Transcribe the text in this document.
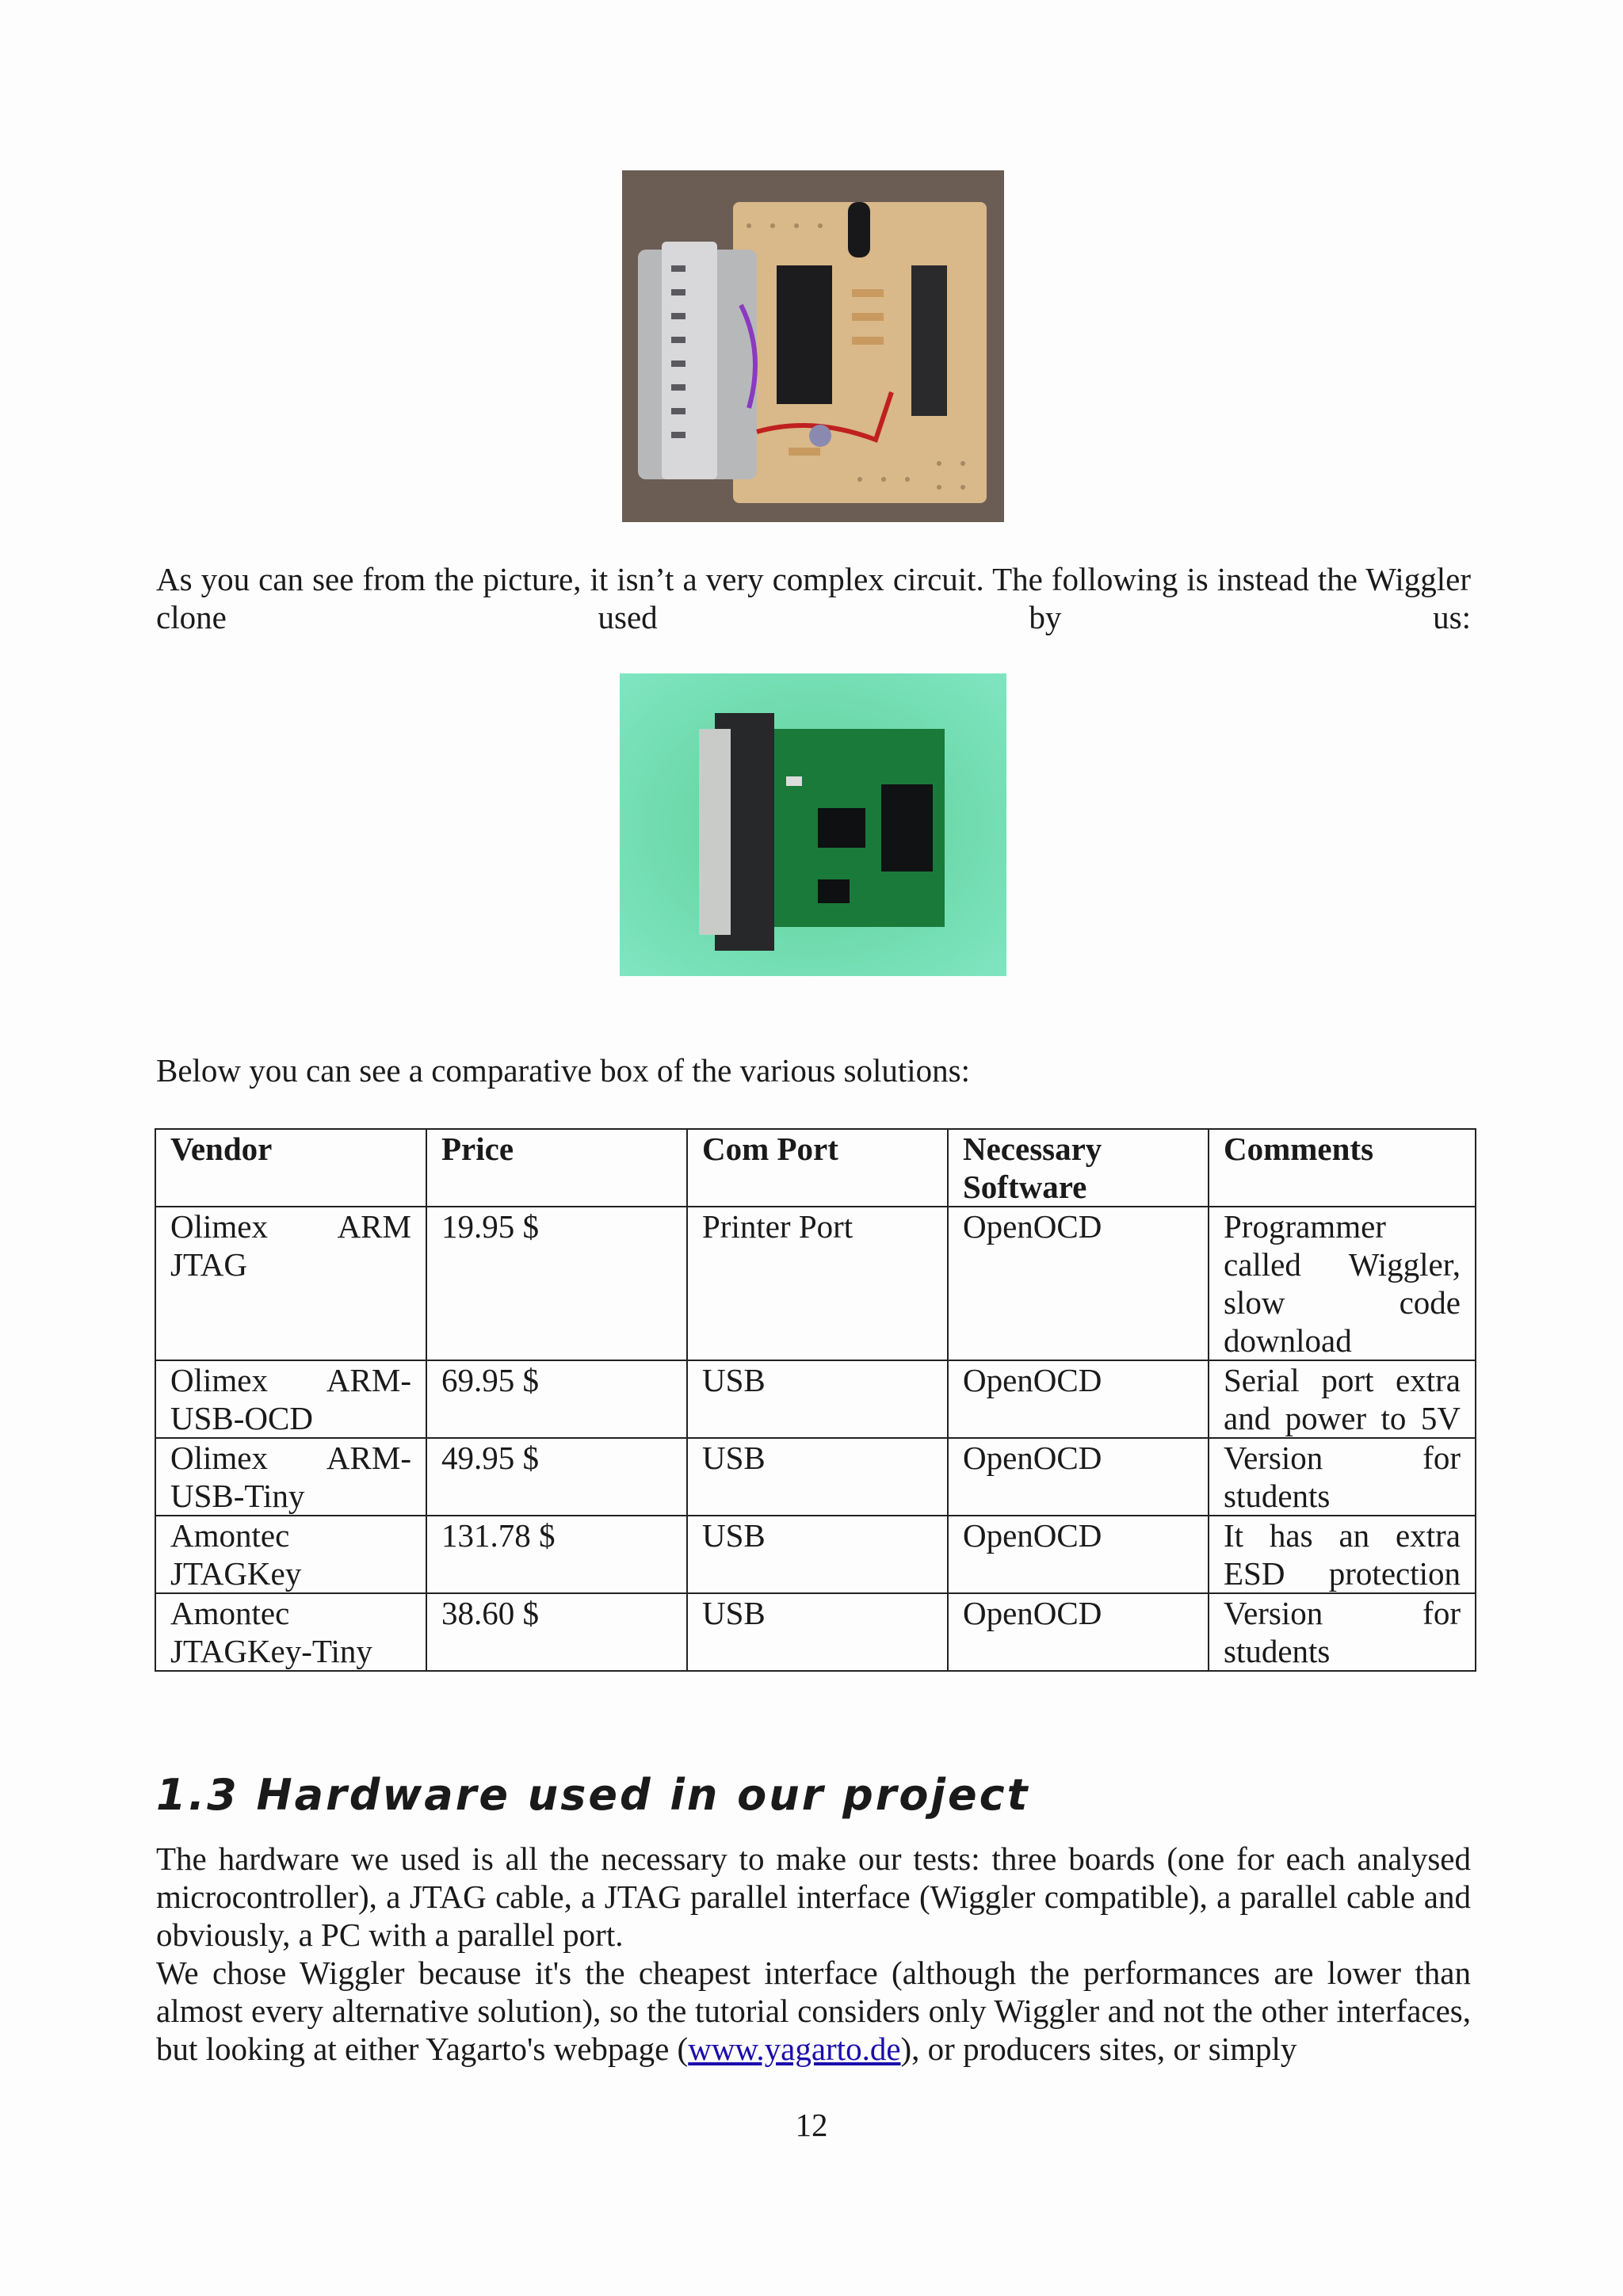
As you can see from the picture, it isn’t a very complex circuit. The following is instead the Wiggler clone used by us:

Below you can see a comparative box of the various solutions:

Vendor	Price	Com Port	Necessary Software	Comments
Olimex ARM JTAG	19.95 $	Printer Port	OpenOCD	Programmer called Wiggler, slow code download
Olimex ARM-USB-OCD	69.95 $	USB	OpenOCD	Serial port extra and power to 5V
Olimex ARM-USB-Tiny	49.95 $	USB	OpenOCD	Version for students
Amontec JTAGKey	131.78 $	USB	OpenOCD	It has an extra ESD protection
Amontec JTAGKey-Tiny	38.60 $	USB	OpenOCD	Version for students
1.3 Hardware used in our project

The hardware we used is all the necessary to make our tests: three boards (one for each analysed microcontroller), a JTAG cable, a JTAG parallel interface (Wiggler compatible), a parallel cable and obviously, a PC with a parallel port.

We chose Wiggler because it's the cheapest interface (although the performances are lower than almost every alternative solution), so the tutorial considers only Wiggler and not the other interfaces, but looking at either Yagarto's webpage (www.yagarto.de), or producers sites, or simply

12
